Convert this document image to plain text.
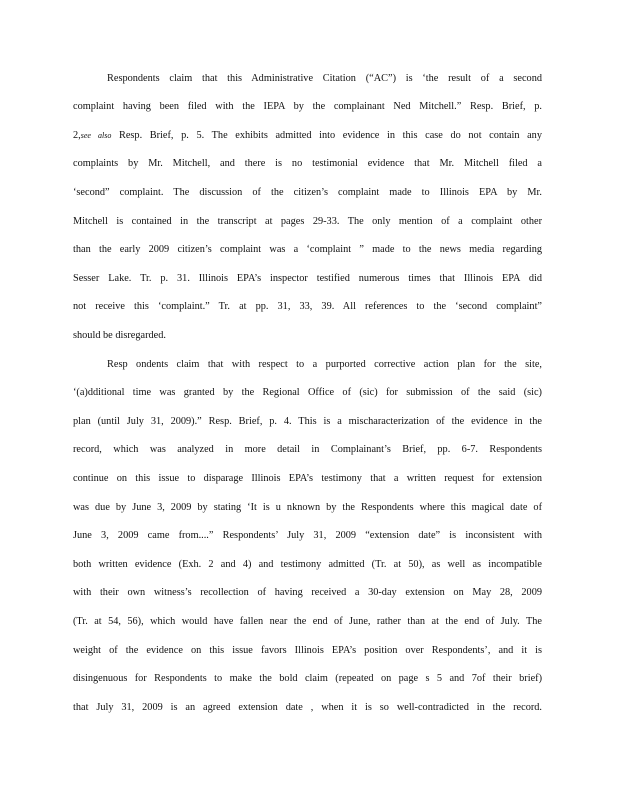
Respondents claim that this Administrative Citation (“AC”) is ‘the result of a second
complaint having been filed with the IEPA by the complainant Ned Mitchell.” Resp. Brief, p.
2,see also Resp. Brief, p. 5. The exhibits admitted into evidence in this case do not contain any
complaints by Mr. Mitchell, and there is no testimonial evidence that Mr. Mitchell filed a
‘second” complaint. The discussion of the citizen’s complaint made to Illinois EPA by Mr.
Mitchell is contained in the transcript at pages 29-33. The only mention of a complaint other
than the early 2009 citizen’s complaint was a ‘complaint ” made to the news media regarding
Sesser Lake. Tr. p. 31. Illinois EPA’s inspector testified numerous times that Illinois EPA did
not receive this ‘complaint.” Tr. at pp. 31, 33, 39. All references to the ‘second complaint”
should be disregarded.
Resp ondents claim that with respect to a purported corrective action plan for the site,
‘(a)dditional time was granted by the Regional Office of (sic) for submission of the said (sic)
plan (until July 31, 2009).” Resp. Brief, p. 4. This is a mischaracterization of the evidence in the
record, which was analyzed in more detail in Complainant’s Brief, pp. 6-7. Respondents
continue on this issue to disparage Illinois EPA’s testimony that a written request for extension
was due by June 3, 2009 by stating ‘It is u nknown by the Respondents where this magical date of
June 3, 2009 came from....” Respondents’ July 31, 2009 “extension date” is inconsistent with
both written evidence (Exh. 2 and 4) and testimony admitted (Tr. at 50), as well as incompatible
with their own witness’s recollection of having received a 30-day extension on May 28, 2009
(Tr. at 54, 56), which would have fallen near the end of June, rather than at the end of July. The
weight of the evidence on this issue favors Illinois EPA’s position over Respondents’, and it is
disingenuous for Respondents to make the bold claim (repeated on page s 5 and 7of their brief)
that July 31, 2009 is an agreed extension date , when it is so well-contradicted in the record.
